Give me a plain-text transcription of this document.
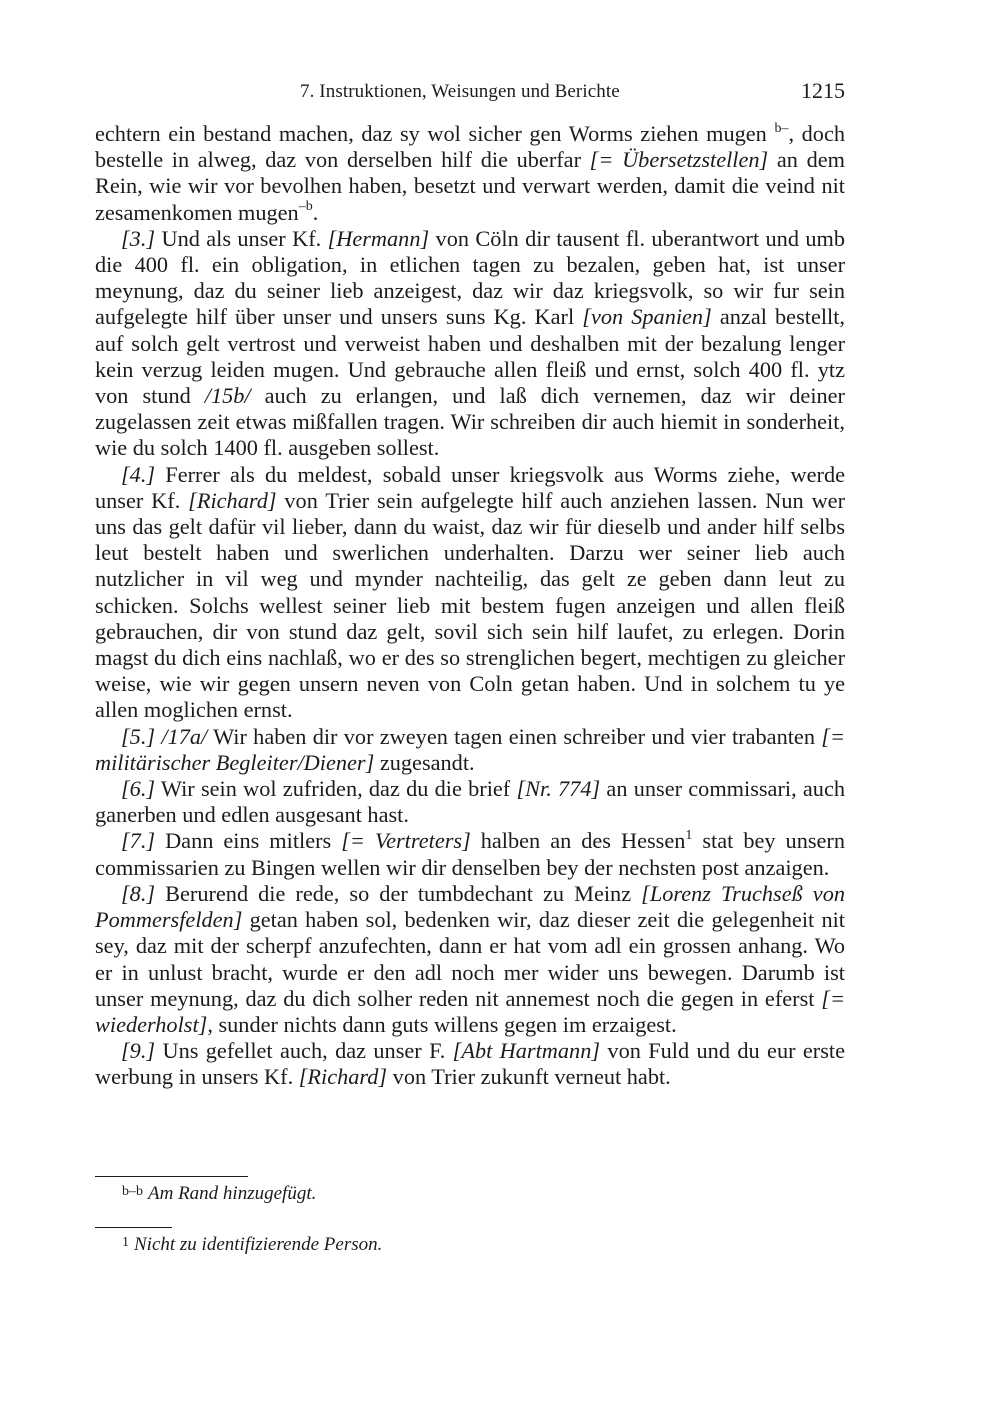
7. Instruktionen, Weisungen und Berichte	1215

echtern ein bestand machen, daz sy wol sicher gen Worms ziehen mugen $^{b-}$, doch bestelle in alweg, daz von derselben hilf die uberfar [= Übersetzstellen] an dem Rein, wie wir vor bevolhen haben, besetzt und verwart werden, damit die veind nit zesamenkomen mugen$^{-b}$.

[3.] Und als unser Kf. [Hermann] von Cöln dir tausent fl. uberantwort und umb die 400 fl. ein obligation, in etlichen tagen zu bezalen, geben hat, ist unser meynung, daz du seiner lieb anzeigest, daz wir daz kriegsvolk, so wir fur sein aufgelegte hilf über unser und unsers suns Kg. Karl [von Spanien] anzal bestellt, auf solch gelt vertrost und verweist haben und deshalben mit der bezalung lenger kein verzug leiden mugen. Und gebrauche allen fleiß und ernst, solch 400 fl. ytz von stund /15b/ auch zu erlangen, und laß dich vernemen, daz wir deiner zugelassen zeit etwas mißfallen tragen. Wir schreiben dir auch hiemit in sonderheit, wie du solch 1400 fl. ausgeben sollest.

[4.] Ferrer als du meldest, sobald unser kriegsvolk aus Worms ziehe, werde unser Kf. [Richard] von Trier sein aufgelegte hilf auch anziehen lassen. Nun wer uns das gelt dafür vil lieber, dann du waist, daz wir für dieselb und ander hilf selbs leut bestelt haben und swerlichen underhalten. Darzu wer seiner lieb auch nutzlicher in vil weg und mynder nachteilig, das gelt ze geben dann leut zu schicken. Solchs wellest seiner lieb mit bestem fugen anzeigen und allen fleiß gebrauchen, dir von stund daz gelt, sovil sich sein hilf laufet, zu erlegen. Dorin magst du dich eins nachlaß, wo er des so strenglichen begert, mechtigen zu gleicher weise, wie wir gegen unsern neven von Coln getan haben. Und in solchem tu ye allen moglichen ernst.

[5.] /17a/ Wir haben dir vor zweyen tagen einen schreiber und vier trabanten [= militärischer Begleiter/Diener] zugesandt.

[6.] Wir sein wol zufriden, daz du die brief [Nr. 774] an unser commissari, auch ganerben und edlen ausgesant hast.

[7.] Dann eins mitlers [= Vertreters] halben an des Hessen$^1$ stat bey unsern commissarien zu Bingen wellen wir dir denselben bey der nechsten post anzaigen.

[8.] Berurend die rede, so der tumbdechant zu Meinz [Lorenz Truchseß von Pommersfelden] getan haben sol, bedenken wir, daz dieser zeit die gelegenheit nit sey, daz mit der scherpf anzufechten, dann er hat vom adl ein grossen anhang. Wo er in unlust bracht, wurde er den adl noch mer wider uns bewegen. Darumb ist unser meynung, daz du dich solher reden nit annemest noch die gegen in eferst [= wiederholst], sunder nichts dann guts willens gegen im erzaigest.

[9.] Uns gefellet auch, daz unser F. [Abt Hartmann] von Fuld und du eur erste werbung in unsers Kf. [Richard] von Trier zukunft verneut habt.

$^{b-b}$ Am Rand hinzugefügt.
$^1$ Nicht zu identifizierende Person.
